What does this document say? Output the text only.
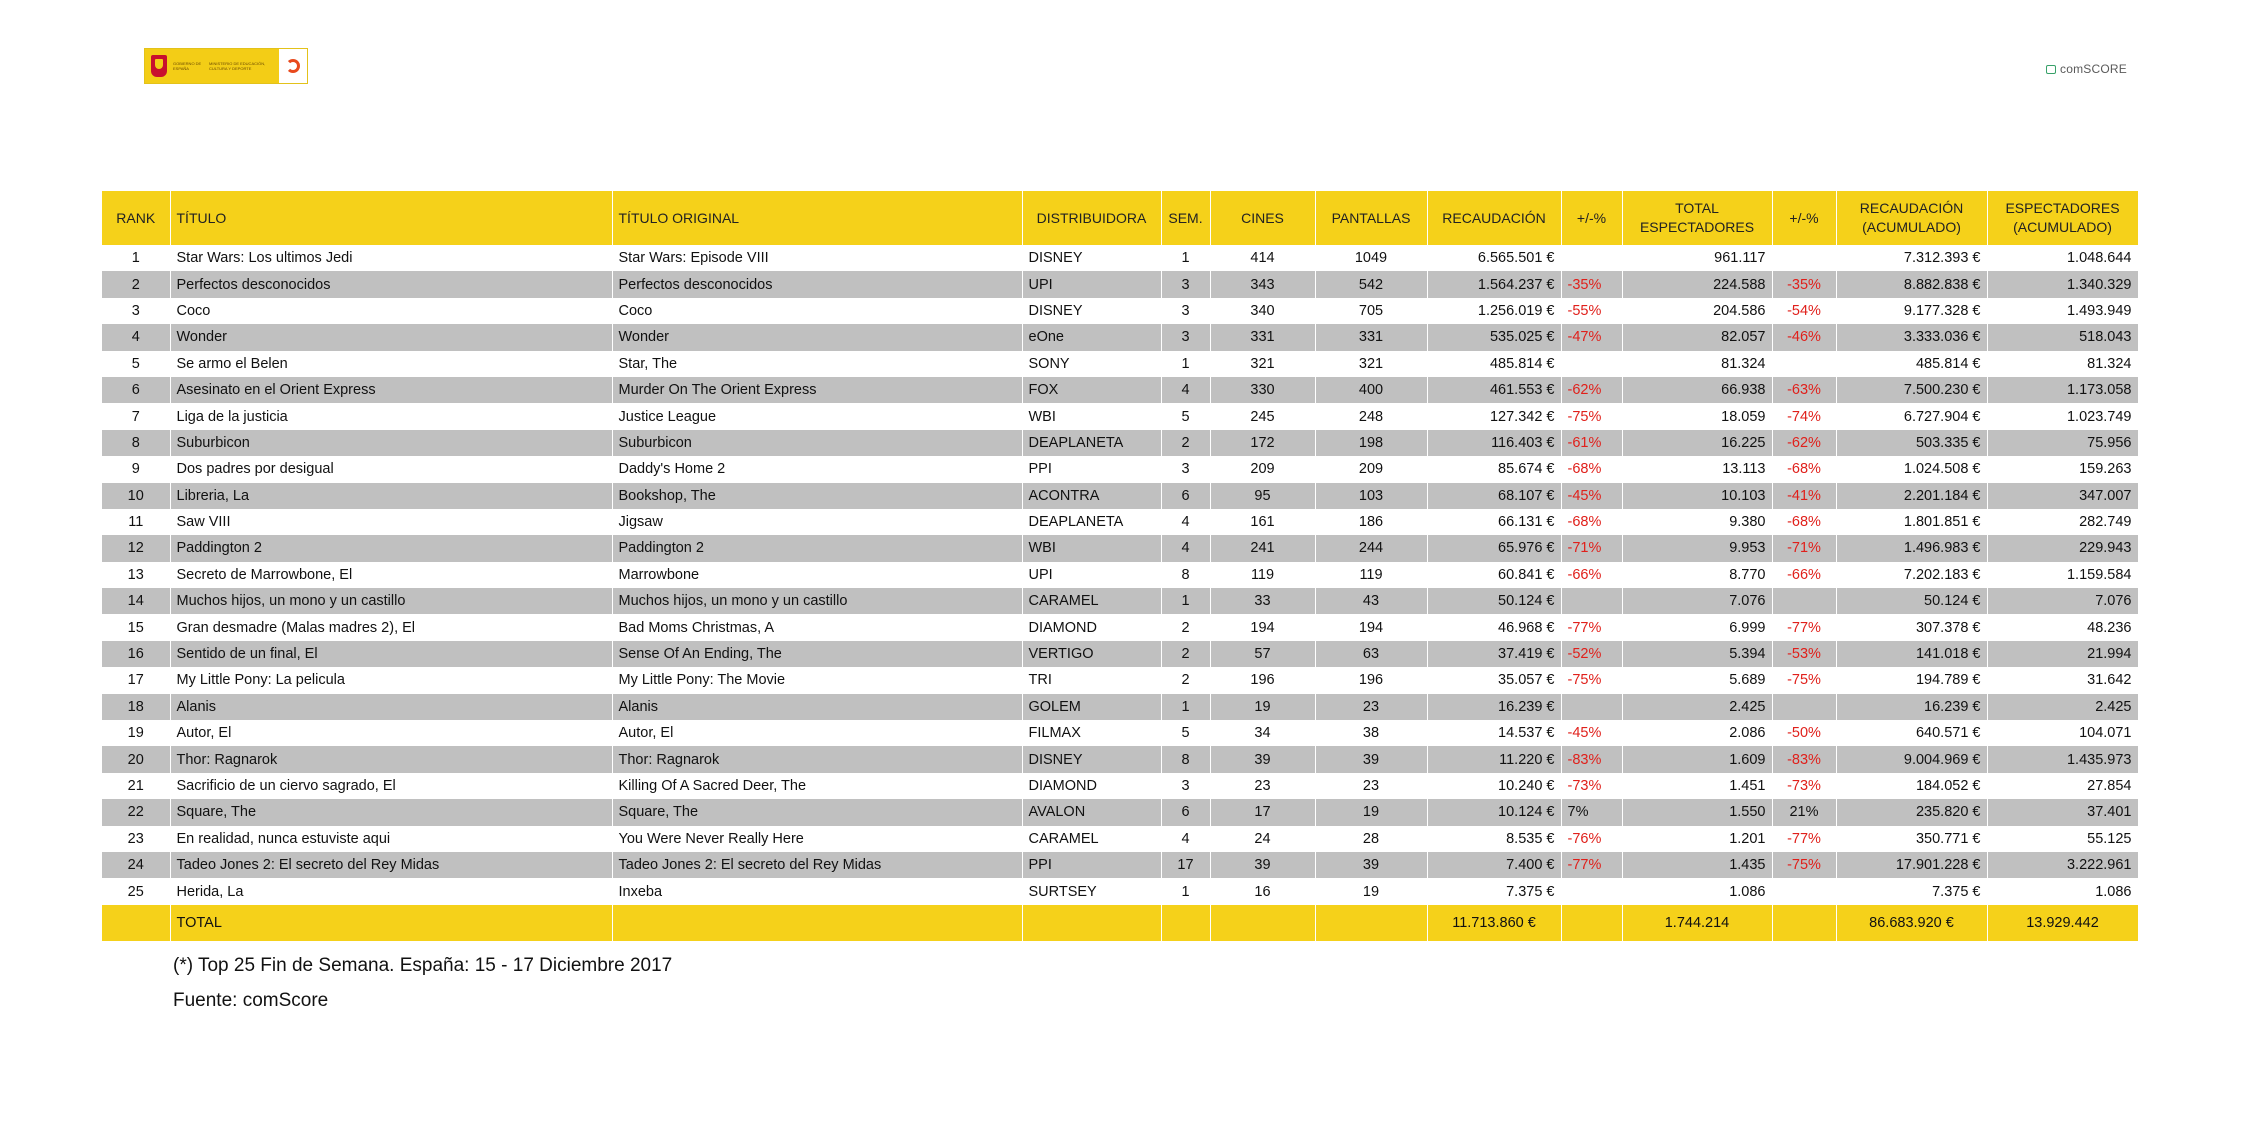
GOBIERNO DE ESPAÑA
MINISTERIO DE EDUCACIÓN, CULTURA Y DEPORTE	comSCORE
RANK	TÍTULO	TÍTULO ORIGINAL	DISTRIBUIDORA	SEM.	CINES	PANTALLAS	RECAUDACIÓN	+/-%	TOTAL ESPECTADORES	+/-%	RECAUDACIÓN (ACUMULADO)	ESPECTADORES (ACUMULADO)
1	Star Wars: Los ultimos Jedi	Star Wars: Episode VIII	DISNEY	1	414	1049	6.565.501 €		961.117		7.312.393 €	1.048.644
2	Perfectos desconocidos	Perfectos desconocidos	UPI	3	343	542	1.564.237 €	-35%	224.588	-35%	8.882.838 €	1.340.329
3	Coco	Coco	DISNEY	3	340	705	1.256.019 €	-55%	204.586	-54%	9.177.328 €	1.493.949
4	Wonder	Wonder	eOne	3	331	331	535.025 €	-47%	82.057	-46%	3.333.036 €	518.043
5	Se armo el Belen	Star, The	SONY	1	321	321	485.814 €		81.324		485.814 €	81.324
6	Asesinato en el Orient Express	Murder On The Orient Express	FOX	4	330	400	461.553 €	-62%	66.938	-63%	7.500.230 €	1.173.058
7	Liga de la justicia	Justice League	WBI	5	245	248	127.342 €	-75%	18.059	-74%	6.727.904 €	1.023.749
8	Suburbicon	Suburbicon	DEAPLANETA	2	172	198	116.403 €	-61%	16.225	-62%	503.335 €	75.956
9	Dos padres por desigual	Daddy's Home 2	PPI	3	209	209	85.674 €	-68%	13.113	-68%	1.024.508 €	159.263
10	Libreria, La	Bookshop, The	ACONTRA	6	95	103	68.107 €	-45%	10.103	-41%	2.201.184 €	347.007
11	Saw VIII	Jigsaw	DEAPLANETA	4	161	186	66.131 €	-68%	9.380	-68%	1.801.851 €	282.749
12	Paddington 2	Paddington 2	WBI	4	241	244	65.976 €	-71%	9.953	-71%	1.496.983 €	229.943
13	Secreto de Marrowbone, El	Marrowbone	UPI	8	119	119	60.841 €	-66%	8.770	-66%	7.202.183 €	1.159.584
14	Muchos hijos, un mono y un castillo	Muchos hijos, un mono y un castillo	CARAMEL	1	33	43	50.124 €		7.076		50.124 €	7.076
15	Gran desmadre (Malas madres 2), El	Bad Moms Christmas, A	DIAMOND	2	194	194	46.968 €	-77%	6.999	-77%	307.378 €	48.236
16	Sentido de un final, El	Sense Of An Ending, The	VERTIGO	2	57	63	37.419 €	-52%	5.394	-53%	141.018 €	21.994
17	My Little Pony: La pelicula	My Little Pony: The Movie	TRI	2	196	196	35.057 €	-75%	5.689	-75%	194.789 €	31.642
18	Alanis	Alanis	GOLEM	1	19	23	16.239 €		2.425		16.239 €	2.425
19	Autor, El	Autor, El	FILMAX	5	34	38	14.537 €	-45%	2.086	-50%	640.571 €	104.071
20	Thor: Ragnarok	Thor: Ragnarok	DISNEY	8	39	39	11.220 €	-83%	1.609	-83%	9.004.969 €	1.435.973
21	Sacrificio de un ciervo sagrado, El	Killing Of A Sacred Deer, The	DIAMOND	3	23	23	10.240 €	-73%	1.451	-73%	184.052 €	27.854
22	Square, The	Square, The	AVALON	6	17	19	10.124 €	7%	1.550	21%	235.820 €	37.401
23	En realidad, nunca estuviste aqui	You Were Never Really Here	CARAMEL	4	24	28	8.535 €	-76%	1.201	-77%	350.771 €	55.125
24	Tadeo Jones 2: El secreto del Rey Midas	Tadeo Jones 2: El secreto del Rey Midas	PPI	17	39	39	7.400 €	-77%	1.435	-75%	17.901.228 €	3.222.961
25	Herida, La	Inxeba	SURTSEY	1	16	19	7.375 €		1.086		7.375 €	1.086
	TOTAL						11.713.860 €		1.744.214		86.683.920 €	13.929.442
(*) Top 25 Fin de Semana. España: 15 - 17 Diciembre 2017
Fuente: comScore
